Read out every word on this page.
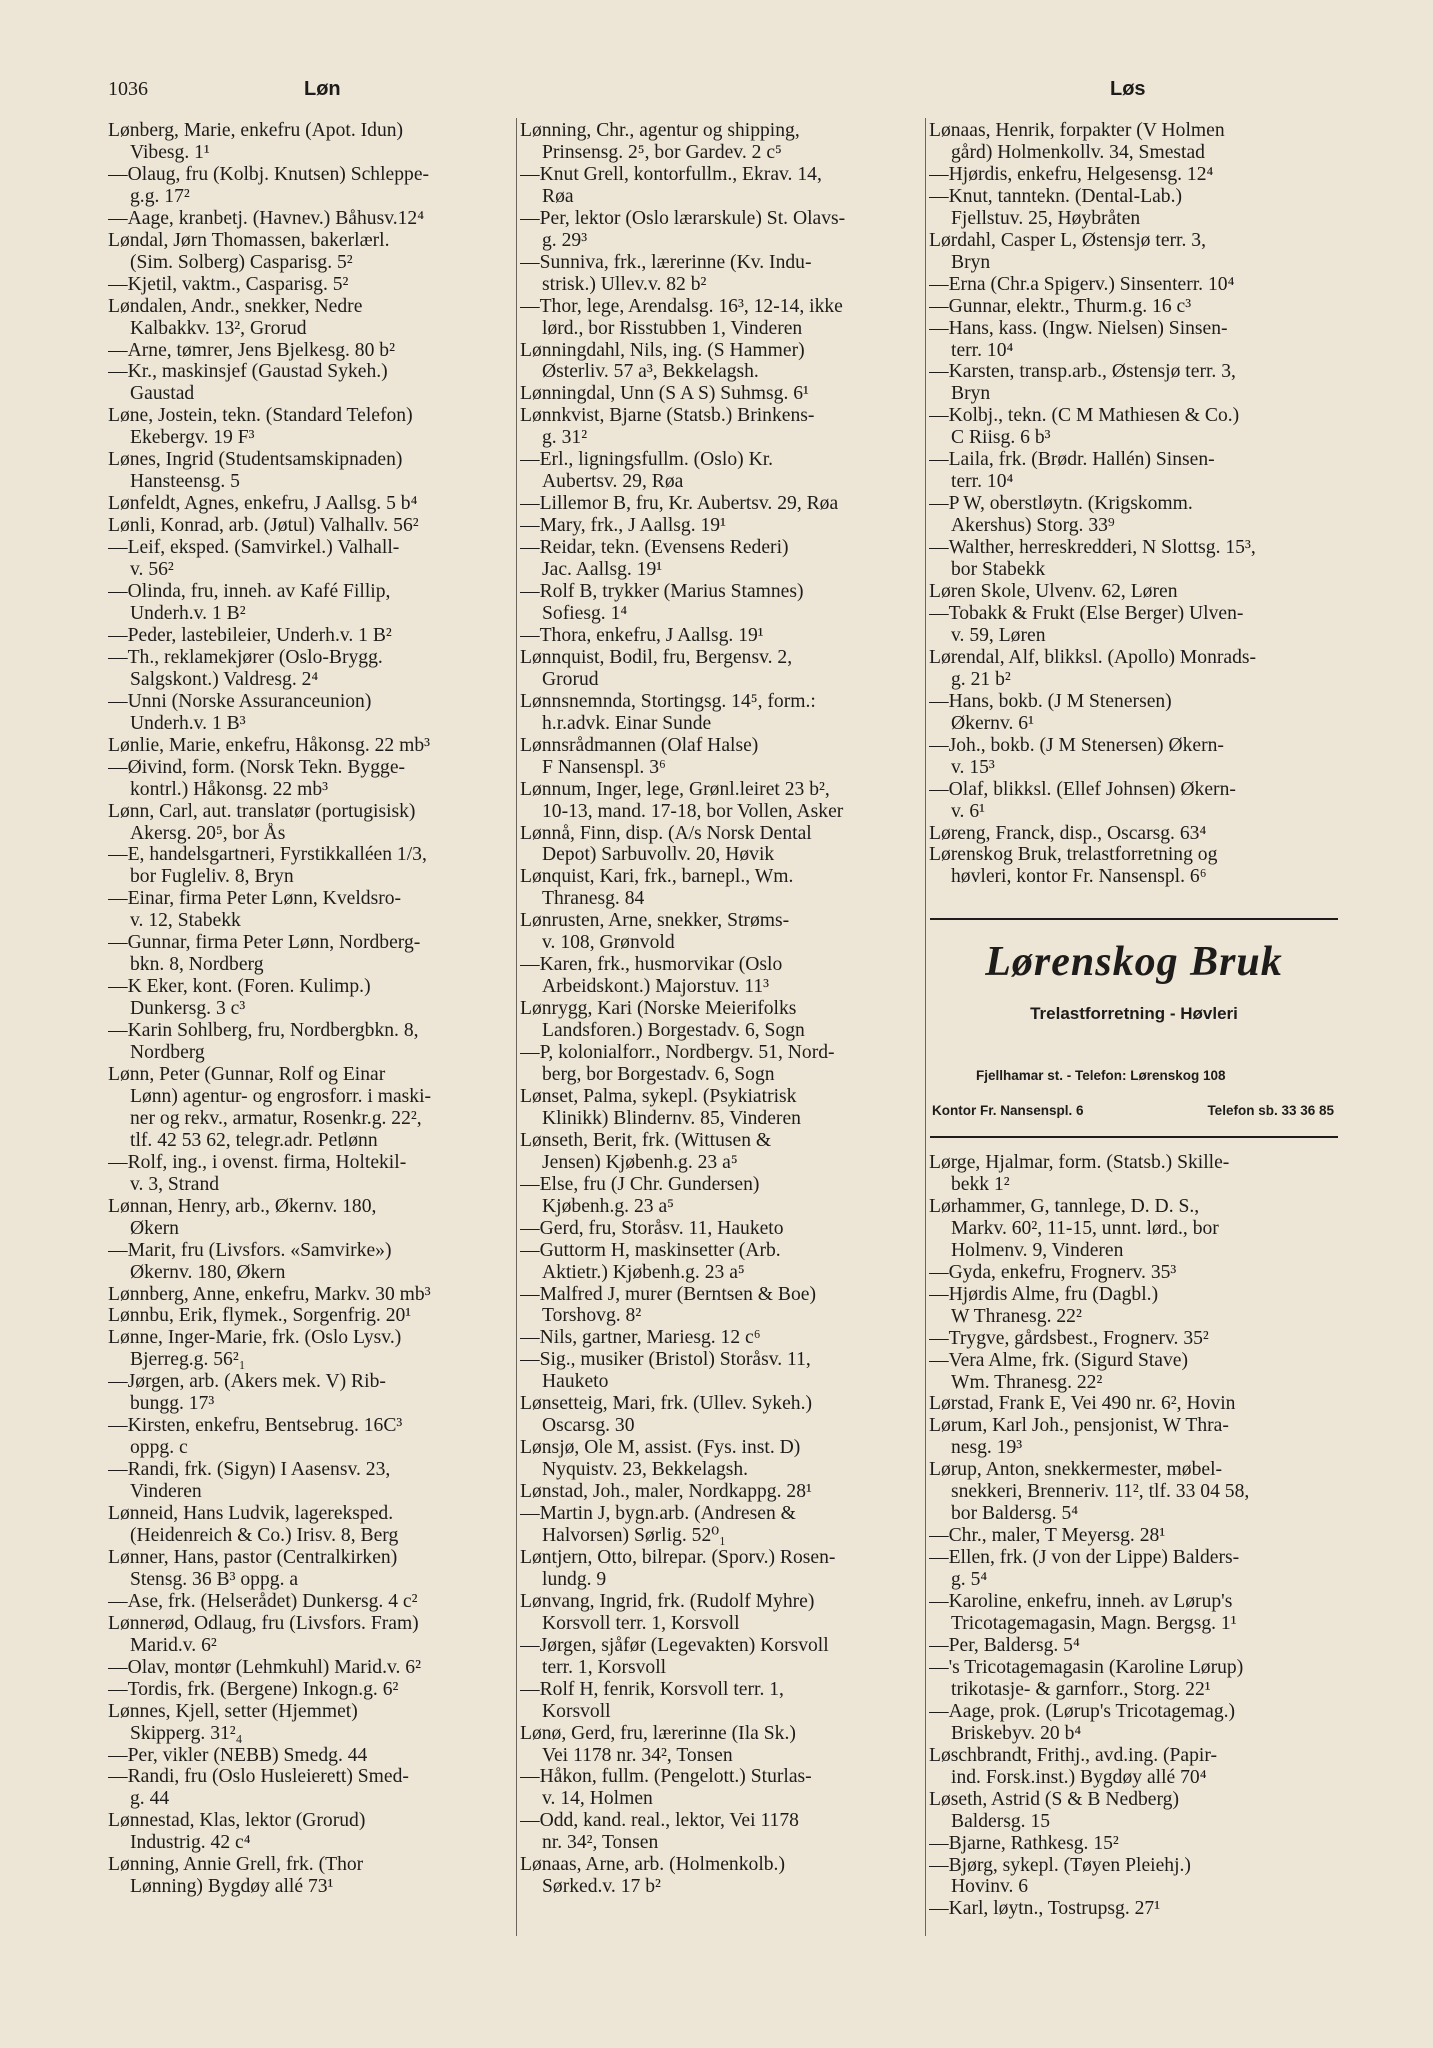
1036	Løn	Løs
Lønberg, Marie, enkefru (Apot. Idun)
Vibesg. 1¹
—Olaug, fru (Kolbj. Knutsen) Schleppe-
g.g. 17²
—Aage, kranbetj. (Havnev.) Båhusv.12⁴
Løndal, Jørn Thomassen, bakerlærl.
(Sim. Solberg) Casparisg. 5²
—Kjetil, vaktm., Casparisg. 5²
Løndalen, Andr., snekker, Nedre
Kalbakkv. 13², Grorud
—Arne, tømrer, Jens Bjelkesg. 80 b²
—Kr., maskinsjef (Gaustad Sykeh.)
Gaustad
Løne, Jostein, tekn. (Standard Telefon)
Ekebergv. 19 F³
Lønes, Ingrid (Studentsamskipnaden)
Hansteensg. 5
Lønfeldt, Agnes, enkefru, J Aallsg. 5 b⁴
Lønli, Konrad, arb. (Jøtul) Valhallv. 56²
—Leif, eksped. (Samvirkel.) Valhall-
v. 56²
—Olinda, fru, inneh. av Kafé Fillip,
Underh.v. 1 B²
—Peder, lastebileier, Underh.v. 1 B²
—Th., reklamekjører (Oslo-Brygg.
Salgskont.) Valdresg. 2⁴
—Unni (Norske Assuranceunion)
Underh.v. 1 B³
Lønlie, Marie, enkefru, Håkonsg. 22 mb³
—Øivind, form. (Norsk Tekn. Bygge-
kontrl.) Håkonsg. 22 mb³
Lønn, Carl, aut. translatør (portugisisk)
Akersg. 20⁵, bor Ås
—E, handelsgartneri, Fyrstikkalléen 1/3,
bor Fugleliv. 8, Bryn
—Einar, firma Peter Lønn, Kveldsro-
v. 12, Stabekk
—Gunnar, firma Peter Lønn, Nordberg-
bkn. 8, Nordberg
—K Eker, kont. (Foren. Kulimp.)
Dunkersg. 3 c³
—Karin Sohlberg, fru, Nordbergbkn. 8,
Nordberg
Lønn, Peter (Gunnar, Rolf og Einar
Lønn) agentur- og engrosforr. i maski-
ner og rekv., armatur, Rosenkr.g. 22²,
tlf. 42 53 62, telegr.adr. Petlønn
—Rolf, ing., i ovenst. firma, Holtekil-
v. 3, Strand
Lønnan, Henry, arb., Økernv. 180,
Økern
—Marit, fru (Livsfors. «Samvirke»)
Økernv. 180, Økern
Lønnberg, Anne, enkefru, Markv. 30 mb³
Lønnbu, Erik, flymek., Sorgenfrig. 20¹
Lønne, Inger-Marie, frk. (Oslo Lysv.)
Bjerreg.g. 56²₁
—Jørgen, arb. (Akers mek. V) Rib-
bungg. 17³
—Kirsten, enkefru, Bentsebrug. 16C³
oppg. c
—Randi, frk. (Sigyn) I Aasensv. 23,
Vinderen
Lønneid, Hans Ludvik, lagereksped.
(Heidenreich & Co.) Irisv. 8, Berg
Lønner, Hans, pastor (Centralkirken)
Stensg. 36 B³ oppg. a
—Ase, frk. (Helserådet) Dunkersg. 4 c²
Lønnerød, Odlaug, fru (Livsfors. Fram)
Marid.v. 6²
—Olav, montør (Lehmkuhl) Marid.v. 6²
—Tordis, frk. (Bergene) Inkogn.g. 6²
Lønnes, Kjell, setter (Hjemmet)
Skipperg. 31²₄
—Per, vikler (NEBB) Smedg. 44
—Randi, fru (Oslo Husleierett) Smed-
g. 44
Lønnestad, Klas, lektor (Grorud)
Industrig. 42 c⁴
Lønning, Annie Grell, frk. (Thor
Lønning) Bygdøy allé 73¹
Lønning, Chr., agentur og shipping,
Prinsensg. 2⁵, bor Gardev. 2 c⁵
—Knut Grell, kontorfullm., Ekrav. 14,
Røa
—Per, lektor (Oslo lærarskule) St. Olavs-
g. 29³
—Sunniva, frk., lærerinne (Kv. Indu-
strisk.) Ullev.v. 82 b²
—Thor, lege, Arendalsg. 16³, 12-14, ikke
lørd., bor Risstubben 1, Vinderen
Lønningdahl, Nils, ing. (S Hammer)
Østerliv. 57 a³, Bekkelagsh.
Lønningdal, Unn (S A S) Suhmsg. 6¹
Lønnkvist, Bjarne (Statsb.) Brinkens-
g. 31²
—Erl., ligningsfullm. (Oslo) Kr.
Aubertsv. 29, Røa
—Lillemor B, fru, Kr. Aubertsv. 29, Røa
—Mary, frk., J Aallsg. 19¹
—Reidar, tekn. (Evensens Rederi)
Jac. Aallsg. 19¹
—Rolf B, trykker (Marius Stamnes)
Sofiesg. 1⁴
—Thora, enkefru, J Aallsg. 19¹
Lønnquist, Bodil, fru, Bergensv. 2,
Grorud
Lønnsnemnda, Stortingsg. 14⁵, form.:
h.r.advk. Einar Sunde
Lønnsrådmannen (Olaf Halse)
F Nansenspl. 3⁶
Lønnum, Inger, lege, Grønl.leiret 23 b²,
10-13, mand. 17-18, bor Vollen, Asker
Lønnå, Finn, disp. (A/s Norsk Dental
Depot) Sarbuvollv. 20, Høvik
Lønquist, Kari, frk., barnepl., Wm.
Thranesg. 84
Lønrusten, Arne, snekker, Strøms-
v. 108, Grønvold
—Karen, frk., husmorvikar (Oslo
Arbeidskont.) Majorstuv. 11³
Lønrygg, Kari (Norske Meierifolks
Landsforen.) Borgestadv. 6, Sogn
—P, kolonialforr., Nordbergv. 51, Nord-
berg, bor Borgestadv. 6, Sogn
Lønset, Palma, sykepl. (Psykiatrisk
Klinikk) Blindernv. 85, Vinderen
Lønseth, Berit, frk. (Wittusen &
Jensen) Kjøbenh.g. 23 a⁵
—Else, fru (J Chr. Gundersen)
Kjøbenh.g. 23 a⁵
—Gerd, fru, Storåsv. 11, Hauketo
—Guttorm H, maskinsetter (Arb.
Aktietr.) Kjøbenh.g. 23 a⁵
—Malfred J, murer (Berntsen & Boe)
Torshovg. 8²
—Nils, gartner, Mariesg. 12 c⁶
—Sig., musiker (Bristol) Storåsv. 11,
Hauketo
Lønsetteig, Mari, frk. (Ullev. Sykeh.)
Oscarsg. 30
Lønsjø, Ole M, assist. (Fys. inst. D)
Nyquistv. 23, Bekkelagsh.
Lønstad, Joh., maler, Nordkappg. 28¹
—Martin J, bygn.arb. (Andresen &
Halvorsen) Sørlig. 52⁰₁
Løntjern, Otto, bilrepar. (Sporv.) Rosen-
lundg. 9
Lønvang, Ingrid, frk. (Rudolf Myhre)
Korsvoll terr. 1, Korsvoll
—Jørgen, sjåfør (Legevakten) Korsvoll
terr. 1, Korsvoll
—Rolf H, fenrik, Korsvoll terr. 1,
Korsvoll
Lønø, Gerd, fru, lærerinne (Ila Sk.)
Vei 1178 nr. 34², Tonsen
—Håkon, fullm. (Pengelott.) Sturlas-
v. 14, Holmen
—Odd, kand. real., lektor, Vei 1178
nr. 34², Tonsen
Lønaas, Arne, arb. (Holmenkolb.)
Sørked.v. 17 b²
Lønaas, Henrik, forpakter (V Holmen
gård) Holmenkollv. 34, Smestad
—Hjørdis, enkefru, Helgesensg. 12⁴
—Knut, tanntekn. (Dental-Lab.)
Fjellstuv. 25, Høybråten
Lørdahl, Casper L, Østensjø terr. 3,
Bryn
—Erna (Chr.a Spigerv.) Sinsenterr. 10⁴
—Gunnar, elektr., Thurm.g. 16 c³
—Hans, kass. (Ingw. Nielsen) Sinsen-
terr. 10⁴
—Karsten, transp.arb., Østensjø terr. 3,
Bryn
—Kolbj., tekn. (C M Mathiesen & Co.)
C Riisg. 6 b³
—Laila, frk. (Brødr. Hallén) Sinsen-
terr. 10⁴
—P W, oberstløytn. (Krigskomm.
Akershus) Storg. 33⁹
—Walther, herreskredderi, N Slottsg. 15³,
bor Stabekk
Løren Skole, Ulvenv. 62, Løren
—Tobakk & Frukt (Else Berger) Ulven-
v. 59, Løren
Lørendal, Alf, blikksl. (Apollo) Monrads-
g. 21 b²
—Hans, bokb. (J M Stenersen)
Økernv. 6¹
—Joh., bokb. (J M Stenersen) Økern-
v. 15³
—Olaf, blikksl. (Ellef Johnsen) Økern-
v. 6¹
Løreng, Franck, disp., Oscarsg. 63⁴
Lørenskog Bruk, trelastforretning og
høvleri, kontor Fr. Nansenspl. 6⁶
Lørenskog Bruk
Trelastforretning - Høvleri
Fjellhamar st. - Telefon: Lørenskog 108
Kontor Fr. Nansenspl. 6	Telefon sb. 33 36 85
Lørge, Hjalmar, form. (Statsb.) Skille-
bekk 1²
Lørhammer, G, tannlege, D. D. S.,
Markv. 60², 11-15, unnt. lørd., bor
Holmenv. 9, Vinderen
—Gyda, enkefru, Frognerv. 35³
—Hjørdis Alme, fru (Dagbl.)
W Thranesg. 22²
—Trygve, gårdsbest., Frognerv. 35²
—Vera Alme, frk. (Sigurd Stave)
Wm. Thranesg. 22²
Lørstad, Frank E, Vei 490 nr. 6², Hovin
Lørum, Karl Joh., pensjonist, W Thra-
nesg. 19³
Lørup, Anton, snekkermester, møbel-
snekkeri, Brenneriv. 11², tlf. 33 04 58,
bor Baldersg. 5⁴
—Chr., maler, T Meyersg. 28¹
—Ellen, frk. (J von der Lippe) Balders-
g. 5⁴
—Karoline, enkefru, inneh. av Lørup's
Tricotagemagasin, Magn. Bergsg. 1¹
—Per, Baldersg. 5⁴
—'s Tricotagemagasin (Karoline Lørup)
trikotasje- & garnforr., Storg. 22¹
—Aage, prok. (Lørup's Tricotagemag.)
Briskebyv. 20 b⁴
Løschbrandt, Frithj., avd.ing. (Papir-
ind. Forsk.inst.) Bygdøy allé 70⁴
Løseth, Astrid (S & B Nedberg)
Baldersg. 15
—Bjarne, Rathkesg. 15²
—Bjørg, sykepl. (Tøyen Pleiehj.)
Hovinv. 6
—Karl, løytn., Tostrupsg. 27¹
